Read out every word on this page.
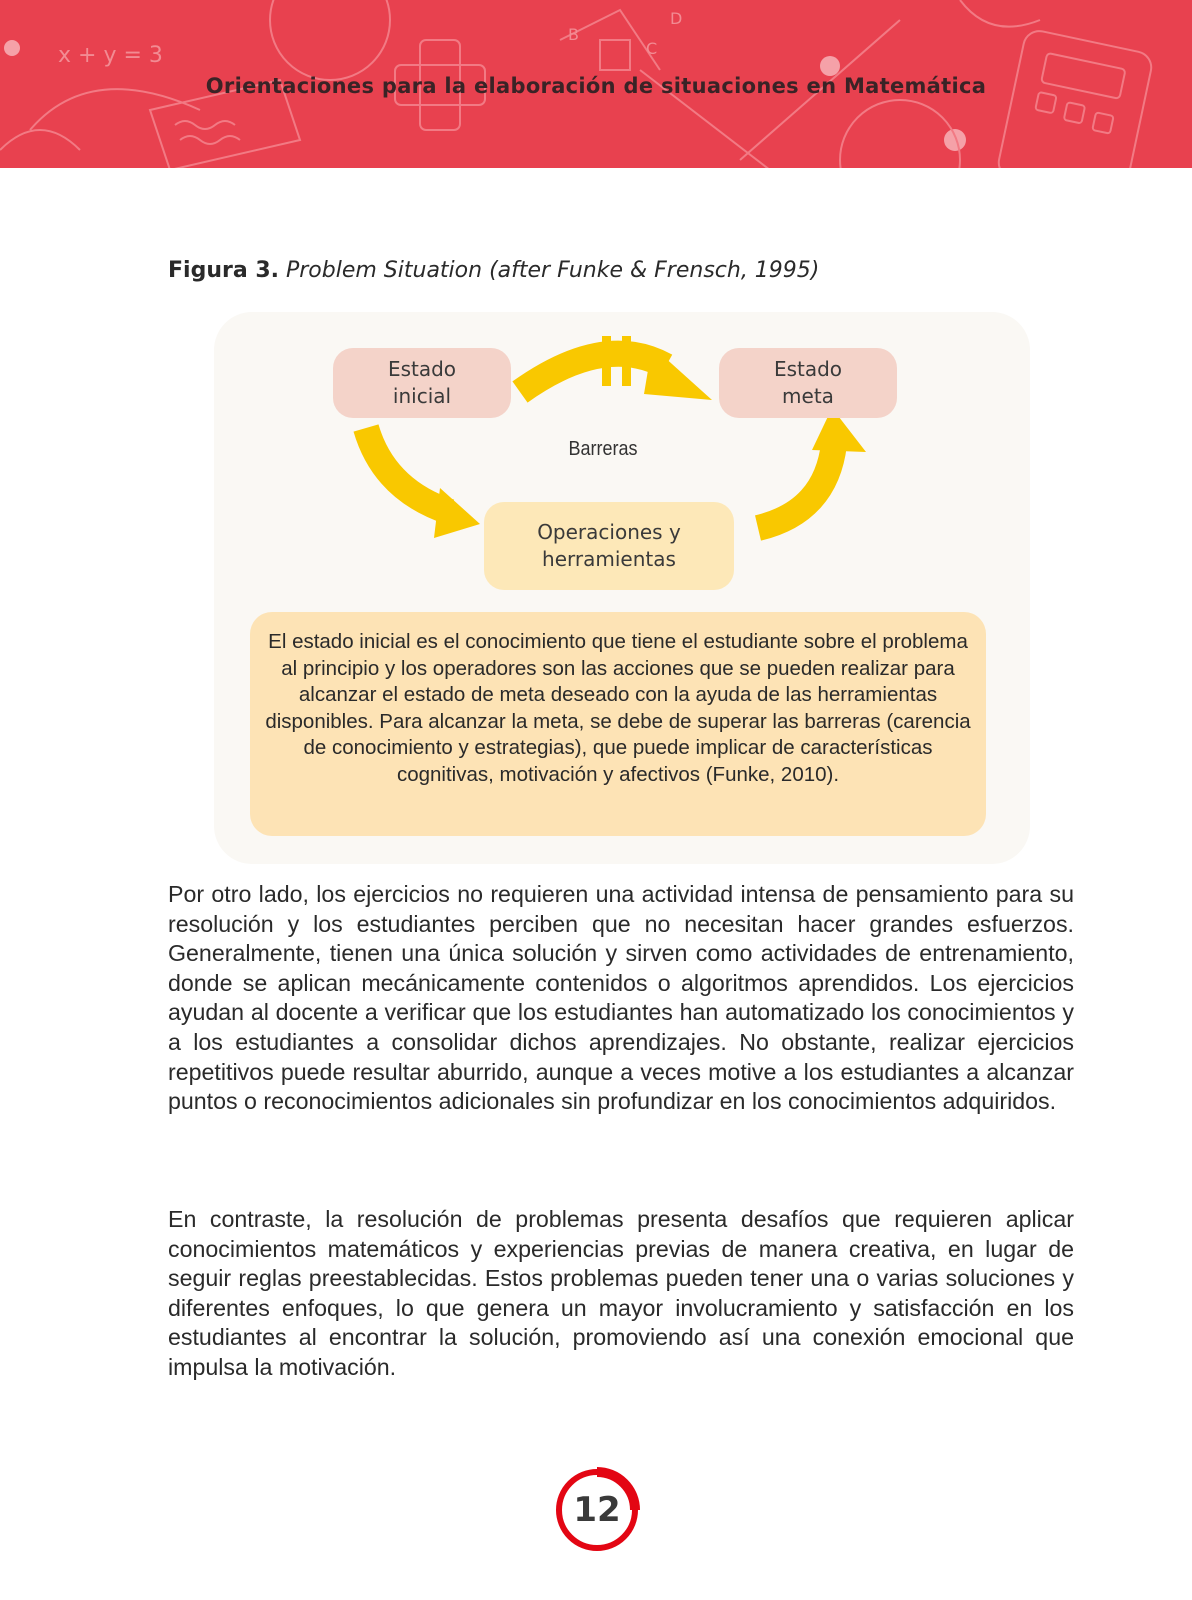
x + y = 3
B
C
D
Orientaciones para la elaboración de situaciones en Matemática
Figura 3. Problem Situation (after Funke & Frensch, 1995)
Estado
inicial
Estado
meta
Operaciones y
herramientas
Barreras

El estado inicial es el conocimiento que tiene el estudiante sobre el problema al principio y los operadores son las acciones que se pueden realizar para alcanzar el estado de meta deseado con la ayuda de las herramientas disponibles. Para alcanzar la meta, se debe de superar las barreras (carencia de conocimiento y estrategias), que puede implicar de características cognitivas, motivación y afectivos (Funke, 2010).

Por otro lado, los ejercicios no requieren una actividad intensa de pensamiento para su resolución y los estudiantes perciben que no necesitan hacer grandes esfuerzos. Generalmente, tienen una única solución y sirven como actividades de entrenamiento, donde se aplican mecánicamente contenidos o algoritmos aprendidos. Los ejercicios ayudan al docente a verificar que los estudiantes han automatizado los conocimientos y a los estudiantes a consolidar dichos aprendizajes. No obstante, realizar ejercicios repetitivos puede resultar aburrido, aunque a veces motive a los estudiantes a alcanzar puntos o reconocimientos adicionales sin profundizar en los conocimientos adquiridos.

En contraste, la resolución de problemas presenta desafíos que requieren aplicar conocimientos matemáticos y experiencias previas de manera creativa, en lugar de seguir reglas preestablecidas. Estos problemas pueden tener una o varias soluciones y diferentes enfoques, lo que genera un mayor involucramiento y satisfacción en los estudiantes al encontrar la solución, promoviendo así una conexión emocional que impulsa la motivación.

12
